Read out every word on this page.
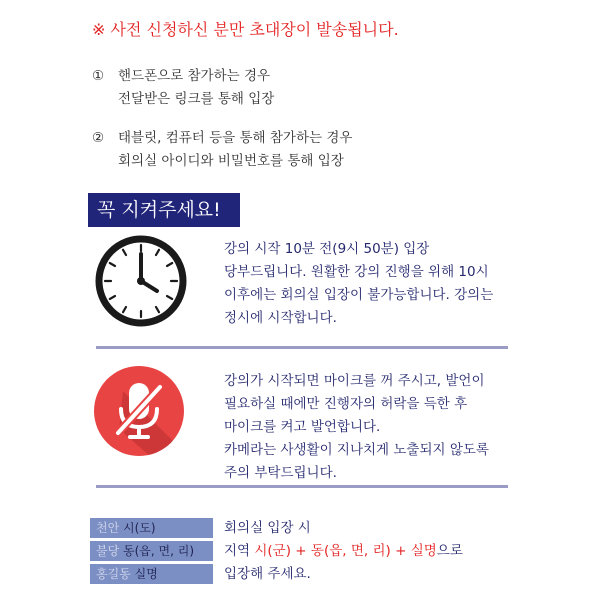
※ 사전 신청하신 분만 초대장이 발송됩니다.
① 핸드폰으로 참가하는 경우
전달받은 링크를 통해 입장
② 태블릿, 컴퓨터 등을 통해 참가하는 경우
회의실 아이디와 비밀번호를 통해 입장
꼭 지켜주세요!
강의 시작 10분 전(9시 50분) 입장
당부드립니다. 원활한 강의 진행을 위해 10시
이후에는 회의실 입장이 불가능합니다. 강의는
정시에 시작합니다.
강의가 시작되면 마이크를 꺼 주시고, 발언이
필요하실 때에만 진행자의 허락을 득한 후
마이크를 켜고 발언합니다.
카메라는 사생활이 지나치게 노출되지 않도록
주의 부탁드립니다.
천안 시(도)
불당 동(읍, 면, 리)
홍길동 실명
회의실 입장 시
지역 시(군) + 동(읍, 면, 리) + 실명으로
입장해 주세요.
